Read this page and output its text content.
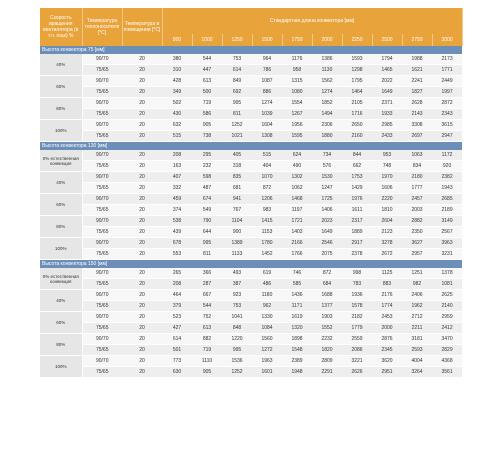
Скорость вращения вентилятора (в т.ч. max) %	Температура теплоносителя [°C]	Температура в помещении [°C]	Стандартная длина конвектора [мм]									
			800	1000	1250	1500	1750	2000	2250	2500	2750	3000
Высота конвектора 75 [мм]												
40%	90/70	20	380	544	753	964	1176	1386	1593	1794	1988	2173
	75/65	20	310	447	614	786	958	1130	1298	1465	1621	1771
60%	90/70	20	428	613	849	1087	1315	1562	1795	2022	2241	2449
	75/65	20	349	500	692	886	1080	1274	1464	1649	1827	1997
80%	90/70	20	502	719	995	1274	1554	1852	2105	2371	2628	2872
	75/65	20	430	586	811	1039	1267	1494	1716	1933	2143	2343
100%	90/70	20	632	905	1252	1604	1956	2306	2650	2985	3308	3615
	75/65	20	515	738	1021	1308	1595	1880	2160	2433	2697	2947
Высота конвектора 130 [мм]												
0% естественная конвекция	90/70	20	208	295	405	515	624	734	844	953	1063	1172
	75/65	20	163	232	318	404	490	576	662	748	834	920
40%	90/70	20	407	598	835	1070	1302	1530	1753	1970	2180	2382
	75/65	20	332	487	681	872	1062	1247	1429	1606	1777	1943
60%	90/70	20	459	674	941	1206	1468	1725	1976	2220	2457	2685
	75/65	20	374	549	767	983	1197	1406	1611	1810	2003	2189
80%	90/70	20	538	790	1104	1415	1721	2023	2317	2604	2882	3149
	75/65	20	439	644	900	1153	1403	1649	1889	2123	2350	2567
100%	90/70	20	678	995	1389	1780	2166	2546	2917	3278	3627	3963
	75/65	20	553	811	1133	1452	1766	2075	2378	2672	2957	3231
Высота конвектора 150 [мм]												
0% естественная конвекция	90/70	20	265	366	493	619	746	872	998	1125	1251	1378
	75/65	20	208	287	387	486	585	684	783	883	982	1081
40%	90/70	20	464	667	923	1180	1436	1688	1936	2176	2406	2625
	75/65	20	379	544	753	962	1171	1377	1578	1774	1962	2140
60%	90/70	20	523	752	1041	1330	1619	1903	2182	2453	2712	2959
	75/65	20	427	613	848	1084	1320	1552	1779	2000	2211	2412
80%	90/70	20	614	882	1220	1560	1898	2232	2559	2876	3181	3470
	75/65	20	501	719	995	1272	1548	1820	2086	2345	2593	2829
100%	90/70	20	773	1110	1536	1963	2389	2809	3221	3620	4004	4368
	75/65	20	630	905	1252	1601	1948	2291	2626	2951	3264	3561
